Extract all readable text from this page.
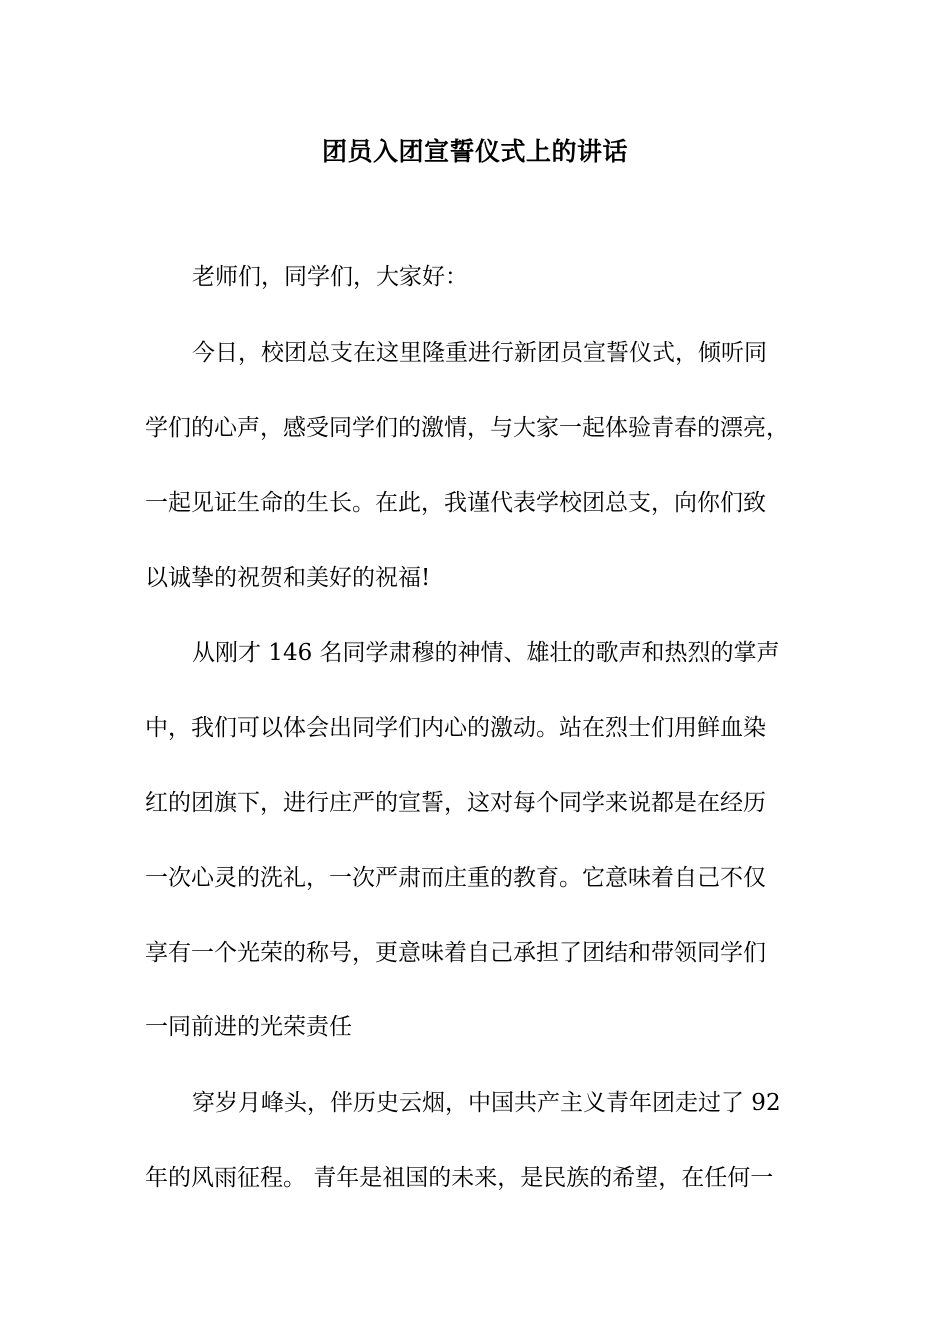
团员入团宣誓仪式上的讲话
老师们，同学们，大家好：
今日，校团总支在这里隆重进行新团员宣誓仪式，倾听同
学们的心声，感受同学们的激情，与大家一起体验青春的漂亮，
一起见证生命的生长。在此，我谨代表学校团总支，向你们致
以诚挚的祝贺和美好的祝福!
从刚才 146 名同学肃穆的神情、雄壮的歌声和热烈的掌声
中，我们可以体会出同学们内心的激动。站在烈士们用鲜血染
红的团旗下，进行庄严的宣誓，这对每个同学来说都是在经历
一次心灵的洗礼，一次严肃而庄重的教育。它意味着自己不仅
享有一个光荣的称号，更意味着自己承担了团结和带领同学们
一同前进的光荣责任
穿岁月峰头，伴历史云烟，中国共产主义青年团走过了 92
年的风雨征程。 青年是祖国的未来，是民族的希望，在任何一
